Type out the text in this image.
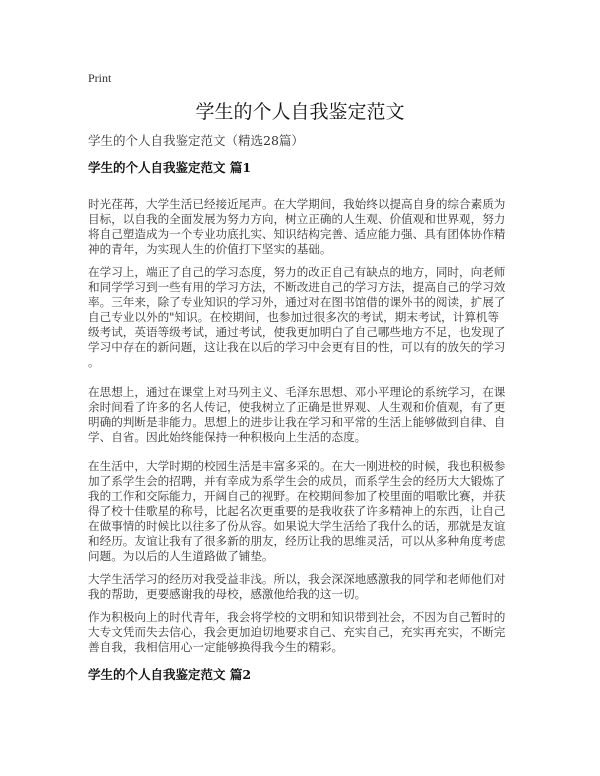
Print
学生的个人自我鉴定范文
学生的个人自我鉴定范文（精选28篇）
学生的个人自我鉴定范文 篇1
时光荏苒，大学生活已经接近尾声。在大学期间，我始终以提高自身的综合素质为
目标，以自我的全面发展为努力方向，树立正确的人生观、价值观和世界观，努力
将自己塑造成为一个专业功底扎实、知识结构完善、适应能力强、具有团体协作精
神的青年，为实现人生的价值打下坚实的基础。
在学习上，端正了自己的学习态度，努力的改正自己有缺点的地方，同时，向老师
和同学学习到一些有用的学习方法，不断改进自己的学习方法，提高自己的学习效
率。三年来，除了专业知识的学习外，通过对在图书馆借的课外书的阅读，扩展了
自己专业以外的"知识。在校期间，也参加过很多次的考试，期末考试，计算机等
级考试，英语等级考试，通过考试，使我更加明白了自己哪些地方不足，也发现了
学习中存在的新问题，这让我在以后的学习中会更有目的性，可以有的放矢的学习
。
在思想上，通过在课堂上对马列主义、毛泽东思想、邓小平理论的系统学习，在课
余时间看了许多的名人传记，使我树立了正确是世界观、人生观和价值观，有了更
明确的判断是非能力。思想上的进步让我在学习和平常的生活上能够做到自律、自
学、自省。因此始终能保持一种积极向上生活的态度。
在生活中，大学时期的校园生活是丰富多采的。在大一刚进校的时候，我也积极参
加了系学生会的招聘，并有幸成为系学生会的成员，而系学生会的经历大大锻炼了
我的工作和交际能力，开阔自己的视野。在校期间参加了校里面的唱歌比赛，并获
得了校十佳歌星的称号，比起名次更重要的是我收获了许多精神上的东西，让自己
在做事情的时候比以往多了份从容。如果说大学生活给了我什么的话，那就是友谊
和经历。友谊让我有了很多新的朋友，经历让我的思维灵活，可以从多种角度考虑
问题。为以后的人生道路做了铺垫。
大学生活学习的经历对我受益非浅。所以，我会深深地感激我的同学和老师他们对
我的帮助，更要感谢我的母校，感激他给我的这一切。
作为积极向上的时代青年，我会将学校的文明和知识带到社会，不因为自己暂时的
大专文凭而失去信心，我会更加迫切地要求自己、充实自己，充实再充实，不断完
善自我，我相信用心一定能够换得我今生的精彩。
学生的个人自我鉴定范文 篇2
